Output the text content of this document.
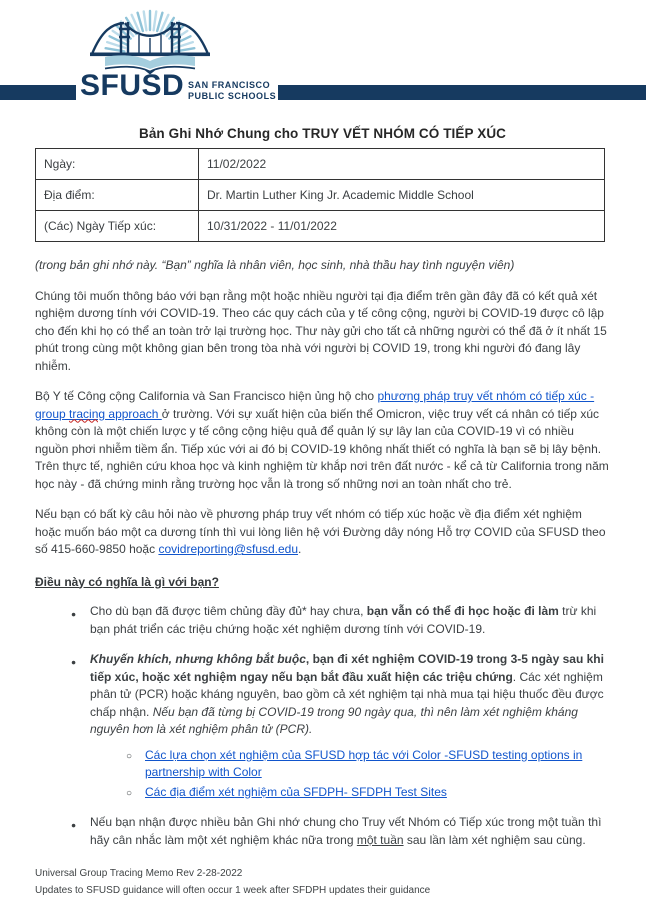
SFUSD SAN FRANCISCO
PUBLIC SCHOOLS
Bản Ghi Nhớ Chung cho TRUY VẾT NHÓM CÓ TIẾP XÚC
Ngày:	11/02/2022
Địa điểm:	Dr. Martin Luther King Jr. Academic Middle School
(Các) Ngày Tiếp xúc:	10/31/2022 - 11/01/2022

(trong bản ghi nhớ này. “Bạn” nghĩa là nhân viên, học sinh, nhà thầu hay tình nguyện viên)

Chúng tôi muốn thông báo với bạn rằng một hoặc nhiều người tại địa điểm trên gần đây đã có kết quả xét nghiệm dương tính với COVID-19. Theo các quy cách của y tế công cộng, người bị COVID-19 được cô lập cho đến khi họ có thể an toàn trở lại trường học. Thư này gửi cho tất cả những người có thể đã ở ít nhất 15 phút trong cùng một không gian bên trong tòa nhà với người bị COVID 19, trong khi người đó đang lây nhiễm.

Bộ Y tế Công cộng California và San Francisco hiện ủng hộ cho phương pháp truy vết nhóm có tiếp xúc - group tracing approach ở trường. Với sự xuất hiện của biến thể Omicron, việc truy vết cá nhân có tiếp xúc không còn là một chiến lược y tế công cộng hiệu quả để quản lý sự lây lan của COVID-19 vì có nhiều nguồn phơi nhiễm tiềm ẩn. Tiếp xúc với ai đó bị COVID-19 không nhất thiết có nghĩa là bạn sẽ bị lây bệnh. Trên thực tế, nghiên cứu khoa học và kinh nghiệm từ khắp nơi trên đất nước - kể cả từ California trong năm học này - đã chứng minh rằng trường học vẫn là trong số những nơi an toàn nhất cho trẻ.

Nếu bạn có bất kỳ câu hỏi nào về phương pháp truy vết nhóm có tiếp xúc hoặc về địa điểm xét nghiệm hoặc muốn báo một ca dương tính thì vui lòng liên hệ với Đường dây nóng Hỗ trợ COVID của SFUSD theo số 415-660-9850 hoặc covidreporting@sfusd.edu.

Điều này có nghĩa là gì với bạn?

● Cho dù bạn đã được tiêm chủng đầy đủ* hay chưa, bạn vẫn có thể đi học hoặc đi làm trừ khi bạn phát triển các triệu chứng hoặc xét nghiệm dương tính với COVID-19.
● Khuyến khích, nhưng không bắt buộc, bạn đi xét nghiệm COVID-19 trong 3-5 ngày sau khi tiếp xúc, hoặc xét nghiệm ngay nếu bạn bắt đầu xuất hiện các triệu chứng. Các xét nghiệm phân tử (PCR) hoặc kháng nguyên, bao gồm cả xét nghiệm tại nhà mua tại hiệu thuốc đều được chấp nhận. Nếu bạn đã từng bị COVID-19 trong 90 ngày qua, thì nên làm xét nghiệm kháng nguyên hơn là xét nghiệm phân tử (PCR).
○ Các lựa chọn xét nghiệm của SFUSD hợp tác với Color -SFUSD testing options in partnership with Color
○ Các địa điểm xét nghiệm của SFDPH- SFDPH Test Sites
● Nếu bạn nhận được nhiều bản Ghi nhớ chung cho Truy vết Nhóm có Tiếp xúc trong một tuần thì hãy cân nhắc làm một xét nghiệm khác nữa trong một tuần sau lần làm xét nghiệm sau cùng.
Universal Group Tracing Memo Rev 2-28-2022
Updates to SFUSD guidance will often occur 1 week after SFDPH updates their guidance
